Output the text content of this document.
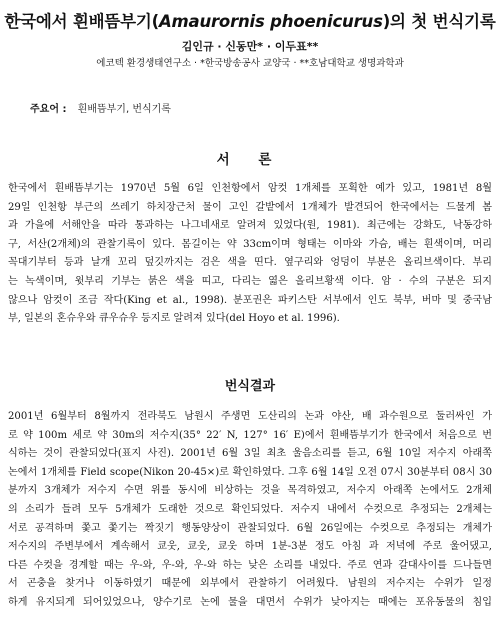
한국에서 흰배뜸부기(Amaurornis phoenicurus)의 첫 번식기록
김인규 · 신동만* · 이두표**
에코텍 환경생태연구소 · *한국방송공사 교양국 · **호남대학교 생명과학과
주요어 : 흰배뜸부기, 번식기록
서 론
한국에서 흰배뜸부기는 1970년 5월 6일 인천항에서 암컷 1개체를 포획한 예가 있고, 1981년 8월
29일 인천항 부근의 쓰레기 하치장근처 물이 고인 갈밭에서 1개체가 발견되어 한국에서는 드물게 봄
과 가을에 서해안을 따라 통과하는 나그네새로 알려져 있었다(원, 1981). 최근에는 강화도, 낙동강하
구, 서산(2개체)의 관찰기록이 있다. 몸길이는 약 33cm이며 형태는 이마와 가슴, 배는 흰색이며, 머리
꼭대기부터 등과 날개 꼬리 덮깃까지는 검은 색을 띤다. 옆구리와 엉덩이 부분은 올리브색이다. 부리
는 녹색이며, 윗부리 기부는 붉은 색을 띠고, 다리는 엷은 올리브황색 이다. 암 · 수의 구분은 되지
않으나 암컷이 조금 작다(King et al., 1998). 분포권은 파키스탄 서부에서 인도 북부, 버마 및 중국남
부, 일본의 혼슈우와 큐우슈우 등지로 알려져 있다(del Hoyo et al. 1996).
번식결과
2001년 6월부터 8월까지 전라북도 남원시 주생면 도산리의 논과 야산, 배 과수원으로 둘러싸인 가
로 약 100m 세로 약 30m의 저수지(35° 22′ N, 127° 16′ E)에서 흰배뜸부기가 한국에서 처음으로 번
식하는 것이 관찰되었다(표지 사진). 2001년 6월 3일 최초 울음소리를 듣고, 6월 10일 저수지 아래쪽
논에서 1개체를 Field scope(Nikon 20-45×)로 확인하였다. 그후 6월 14일 오전 07시 30분부터 08시 30
분까지 3개체가 저수지 수면 위를 동시에 비상하는 것을 목격하였고, 저수지 아래쪽 논에서도 2개체
의 소리가 들려 모두 5개체가 도래한 것으로 확인되었다. 저수지 내에서 수컷으로 추정되는 2개체는
서로 공격하며 쫓고 쫓기는 짝짓기 행동양상이 관찰되었다. 6월 26일에는 수컷으로 추정되는 개체가
저수지의 주변부에서 계속해서 쿄웃, 쿄웃, 쿄웃 하며 1분-3분 정도 아침 과 저녁에 주로 울어댔고,
다른 수컷을 경계할 때는 우-와, 우-와, 우-와 하는 낮은 소리를 내었다. 주로 연과 갈대사이를 드나들면
서 곤충을 찾거나 이동하였기 때문에 외부에서 관찰하기 어려웠다. 남원의 저수지는 수위가 일정
하게 유지되게 되어있었으나, 양수기로 논에 물을 대면서 수위가 낮아지는 때에는 포유동물의 침입
